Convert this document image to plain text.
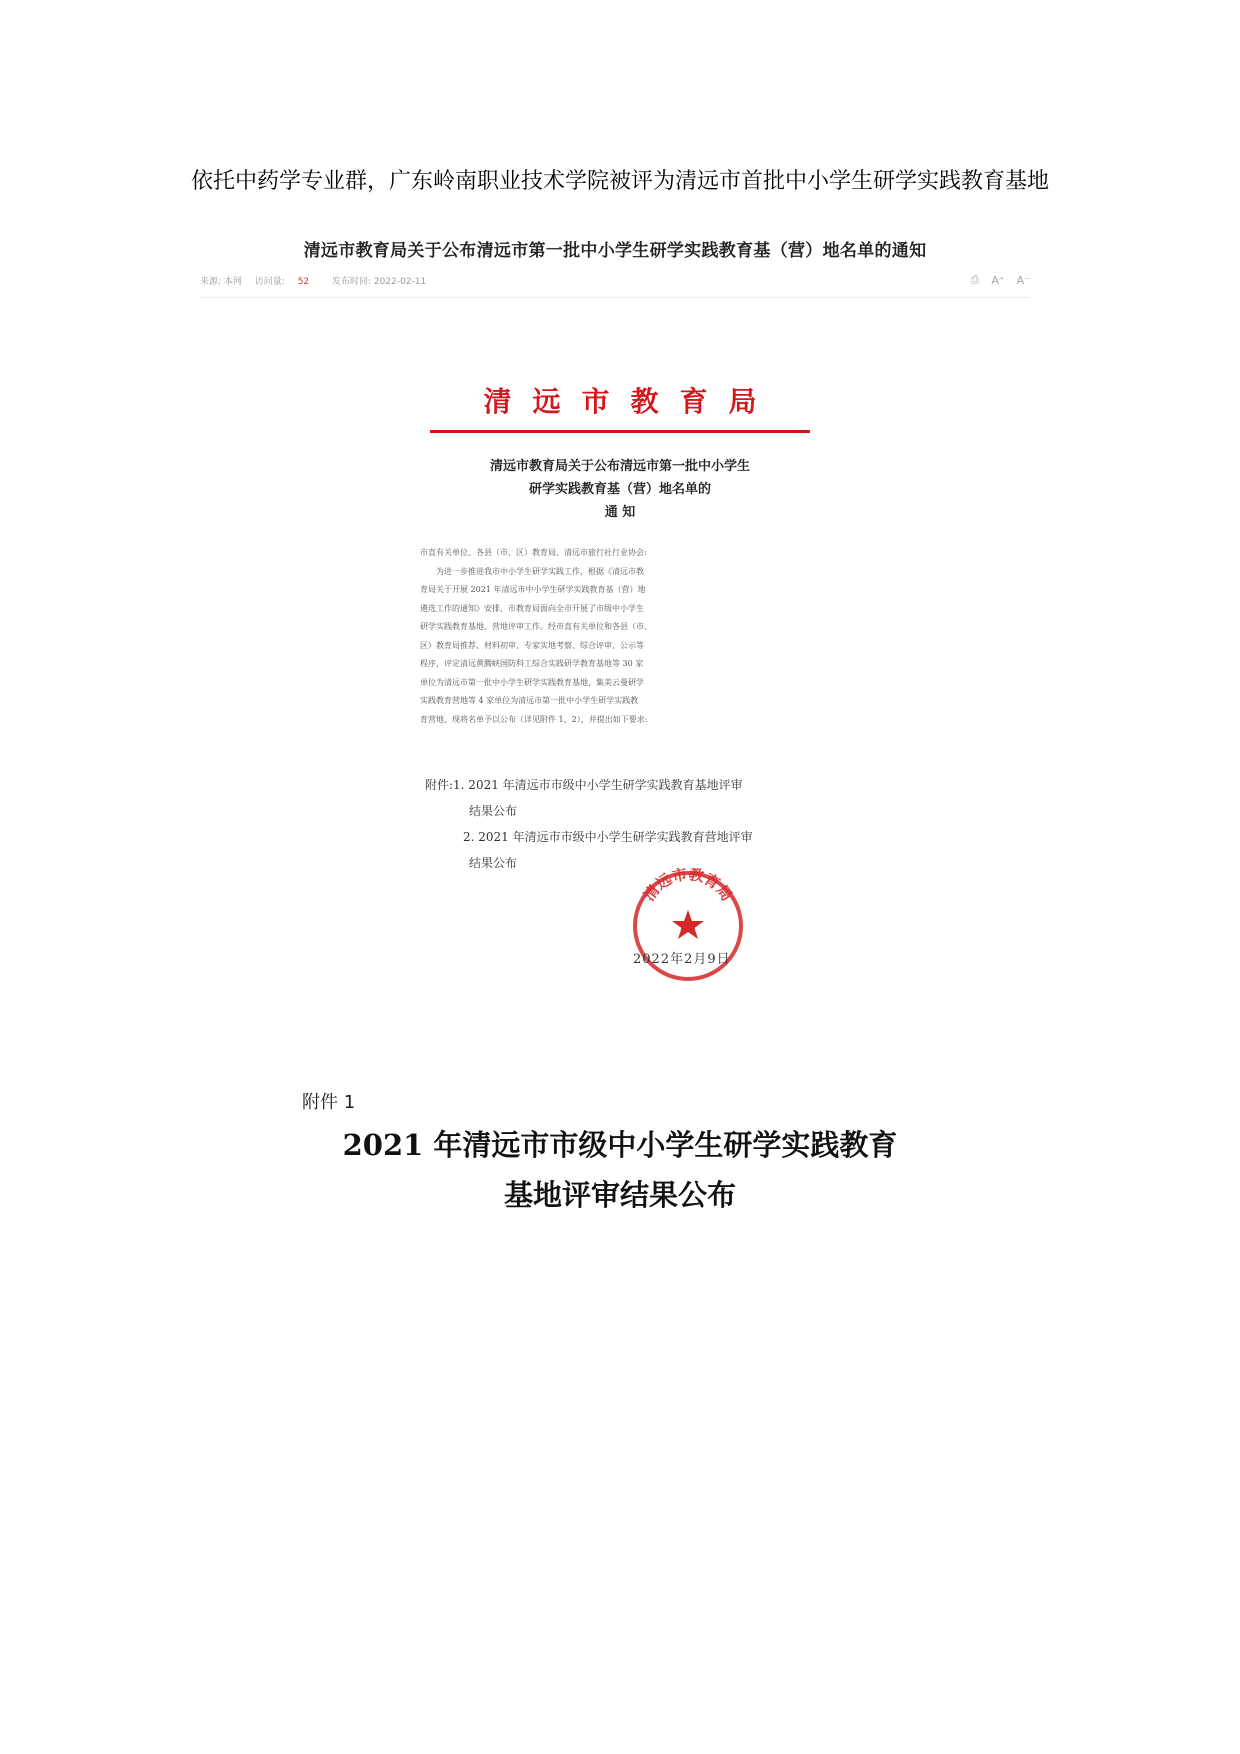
依托中药学专业群，广东岭南职业技术学院被评为清远市首批中小学生研学实践教育基地
清远市教育局关于公布清远市第一批中小学生研学实践教育基（营）地名单的通知
来源: 本网 访问量: 52	发布时间: 2022-02-11	⎙ A⁺ A⁻
清远市教育局
清远市教育局关于公布清远市第一批中小学生
研学实践教育基（营）地名单的
通 知
市直有关单位、各县（市、区）教育局、清远市旅行社行业协会:
为进一步推进我市中小学生研学实践工作，根据《清远市教
育局关于开展 2021 年清远市中小学生研学实践教育基（营）地
遴选工作的通知》安排，市教育局面向全市开展了市级中小学生
研学实践教育基地、营地评审工作。经市直有关单位和各县（市、
区）教育局推荐、材料初审、专家实地考察、综合评审、公示等
程序，评定清远黄腾峡国防科工综合实践研学教育基地等 30 家
单位为清远市第一批中小学生研学实践教育基地，集美云曼研学
实践教育营地等 4 家单位为清远市第一批中小学生研学实践教
育营地，现将名单予以公布（详见附件 1、2），并提出如下要求:
附件:1. 2021 年清远市市级中小学生研学实践教育基地评审
结果公布
2. 2021 年清远市市级中小学生研学实践教育营地评审
结果公布
清远市教育局
2022年2月9日
附件 1
2021 年清远市市级中小学生研学实践教育
基地评审结果公布
